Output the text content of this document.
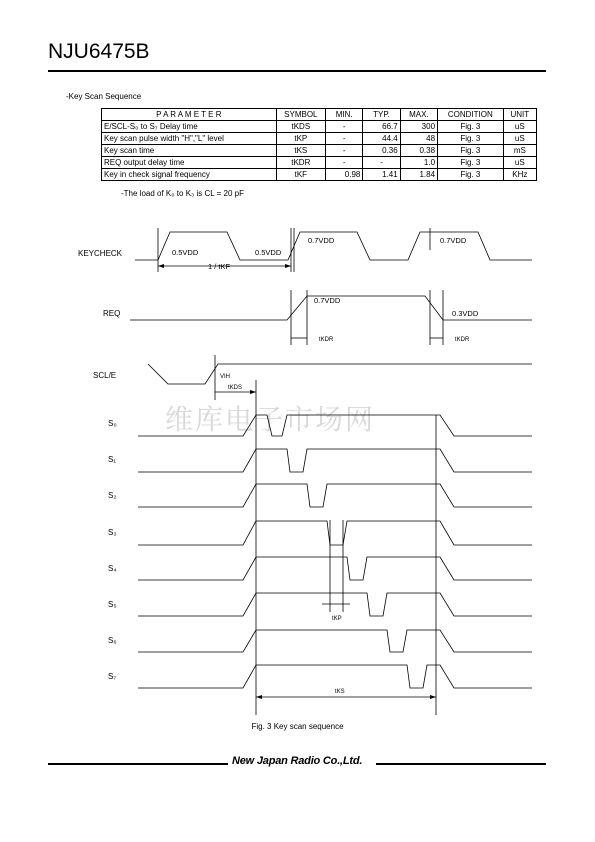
NJU6475B
-Key Scan Sequence
P A R A M E T E R	SYMBOL	MIN.	TYP.	MAX.	CONDITION	UNIT
E/SCL-S₀ to S₇ Delay time	tKDS	-	66.7	300	Fig. 3	uS
Key scan pulse width "H","L" level	tKP	-	44.4	48	Fig. 3	uS
Key scan time	tKS	-	0.36	0.38	Fig. 3	mS
REQ output delay time	tKDR	-	-	1.0	Fig. 3	uS
Key in check signal frequency	tKF	0.98	1.41	1.84	Fig. 3	KHz
-The load of K₀ to K₃ is CL = 20 pF
维库电子市场网
KEYCHECK
REQ
SCL/E
S₀
S₁
S₂
S₃
S₄
S₅
S₆
S₇
0.5VDD	0.5VDD
1 / tKF
0.7VDD	0.7VDD
0.7VDD
0.3VDD
tKDR	tKDR
VIH
tKDS
tKP
tKS
Fig. 3 Key scan sequence
New Japan Radio Co.,Ltd.
